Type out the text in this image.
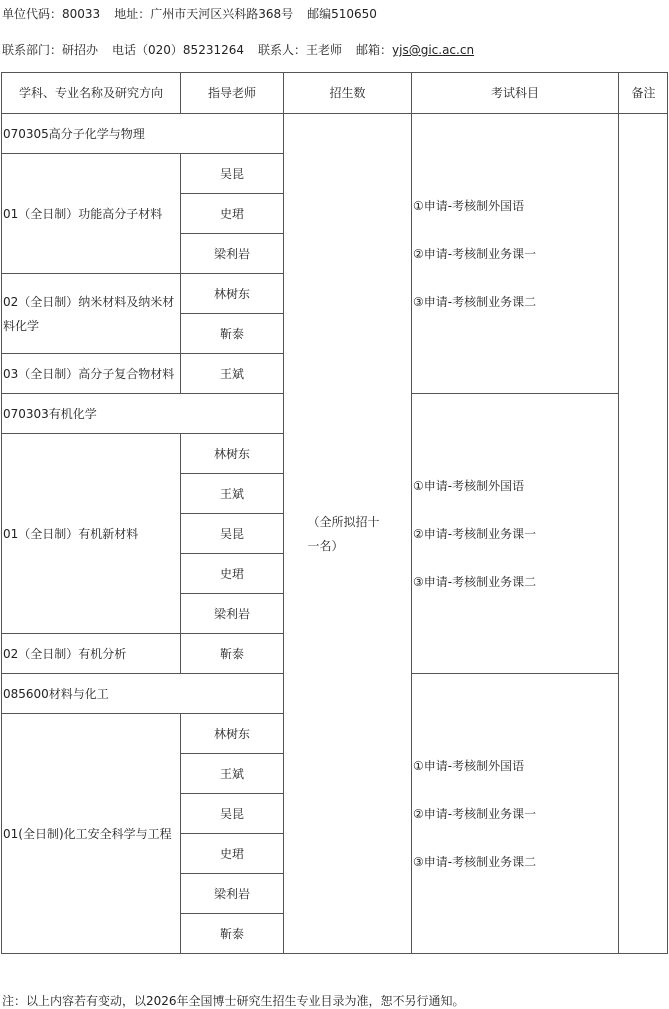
单位代码：80033 地址：广州市天河区兴科路368号 邮编510650
联系部门：研招办 电话（020）85231264 联系人：王老师 邮箱：yjs@gic.ac.cn
学科、专业名称及研究方向	指导老师	招生数	考试科目	备注
070305高分子化学与物理		（全所拟招十一名）	①申请-考核制外国语
②申请-考核制业务课一
③申请-考核制业务课二	

01（全日制）功能高分子材料	吴昆			
	史珺			
	梁利岩			
02（全日制）纳米材料及纳米材料化学	林树东			
	靳泰			
03（全日制）高分子复合物材料	王斌			
070303有机化学			①申请-考核制外国语
②申请-考核制业务课一
③申请-考核制业务课二	

01（全日制）有机新材料	林树东			
	王斌			
	吴昆			
	史珺			
	梁利岩			
02（全日制）有机分析	靳泰			
085600材料与化工			①申请-考核制外国语
②申请-考核制业务课一
③申请-考核制业务课二	

01(全日制)化工安全科学与工程	林树东			
	王斌			
	吴昆			
	史珺			
	梁利岩			
	靳泰			
注：以上内容若有变动，以2026年全国博士研究生招生专业目录为准，恕不另行通知。
